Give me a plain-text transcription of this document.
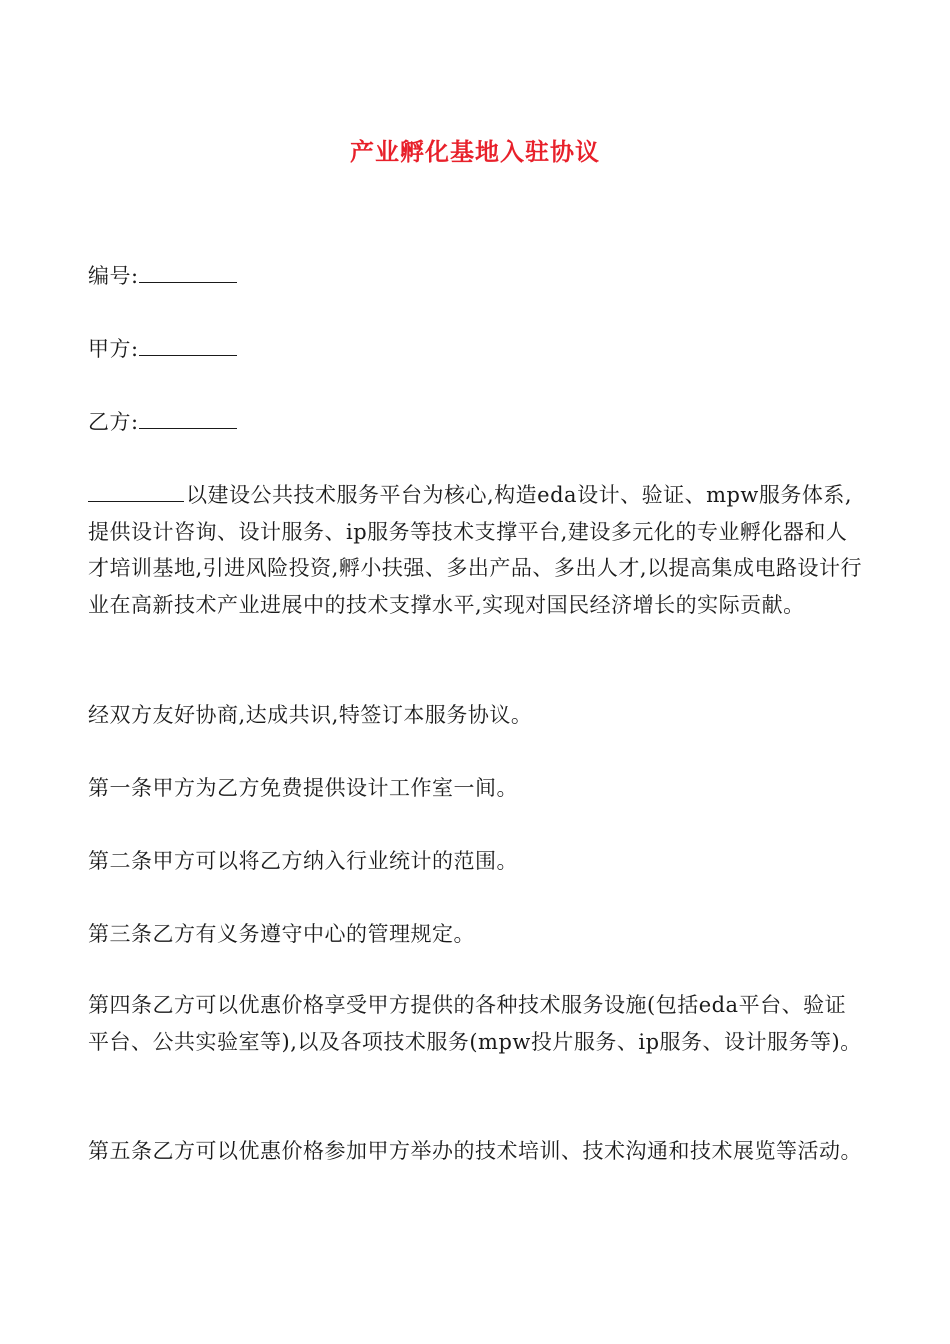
产业孵化基地入驻协议

编号:

甲方:

乙方:

以建设公共技术服务平台为核心,构造eda设计、验证、mpw服务体系,提供设计咨询、设计服务、ip服务等技术支撑平台,建设多元化的专业孵化器和人才培训基地,引进风险投资,孵小扶强、多出产品、多出人才,以提高集成电路设计行业在高新技术产业进展中的技术支撑水平,实现对国民经济增长的实际贡献。

经双方友好协商,达成共识,特签订本服务协议。

第一条甲方为乙方免费提供设计工作室一间。

第二条甲方可以将乙方纳入行业统计的范围。

第三条乙方有义务遵守中心的管理规定。

第四条乙方可以优惠价格享受甲方提供的各种技术服务设施(包括eda平台、验证平台、公共实验室等),以及各项技术服务(mpw投片服务、ip服务、设计服务等)。

第五条乙方可以优惠价格参加甲方举办的技术培训、技术沟通和技术展览等活动。
